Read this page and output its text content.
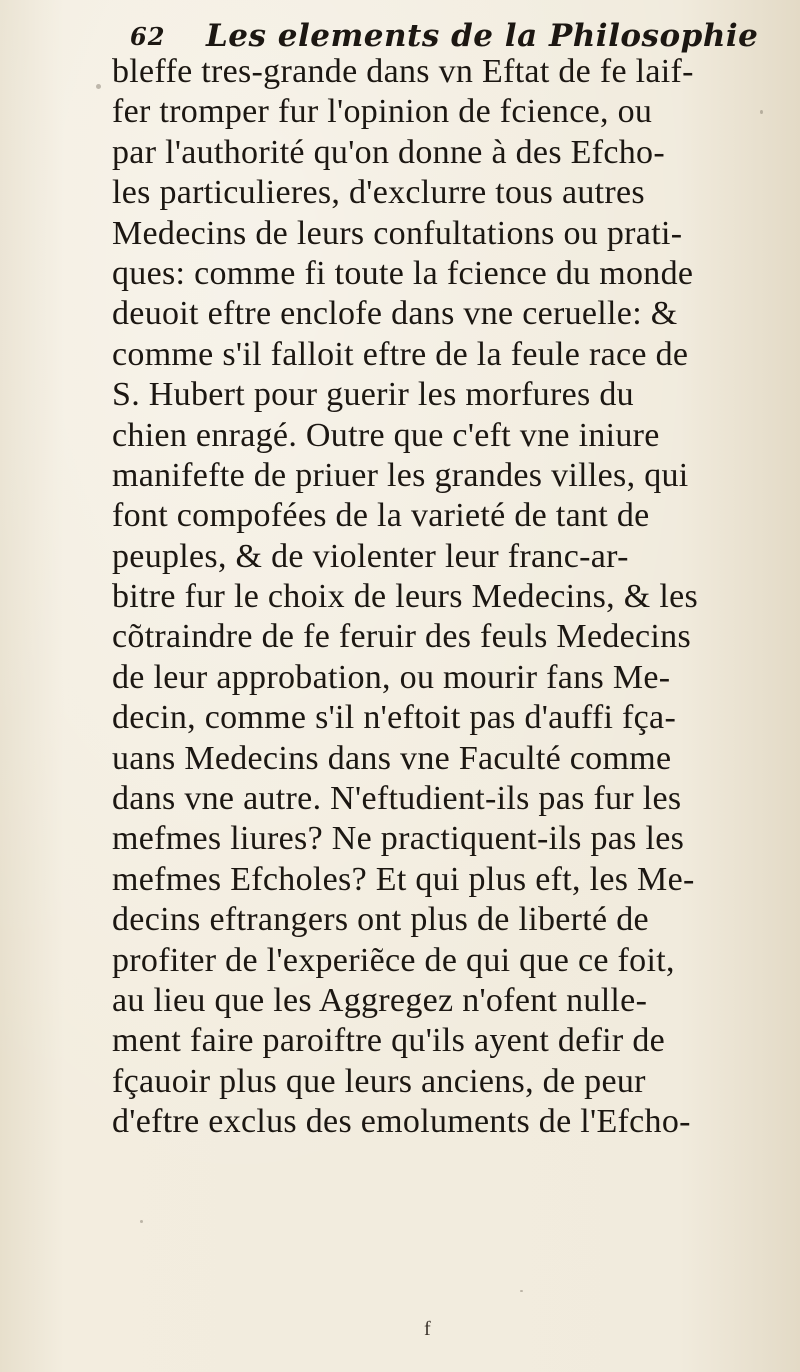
62 Les elements de la Philosophie
bleffe tres-grande dans vn Eftat de fe laif-
fer tromper fur l'opinion de fcience, ou
par l'authorité qu'on donne à des Efcho-
les particulieres, d'exclurre tous autres
Medecins de leurs confultations ou prati-
ques: comme fi toute la fcience du monde
deuoit eftre enclofe dans vne ceruelle: &
comme s'il falloit eftre de la feule race de
S. Hubert pour guerir les morfures du
chien enragé. Outre que c'eft vne iniure
manifefte de priuer les grandes villes, qui
font compofées de la varieté de tant de
peuples, & de violenter leur franc-ar-
bitre fur le choix de leurs Medecins, & les
cõtraindre de fe feruir des feuls Medecins
de leur approbation, ou mourir fans Me-
decin, comme s'il n'eftoit pas d'auffi fça-
uans Medecins dans vne Faculté comme
dans vne autre. N'eftudient-ils pas fur les
mefmes liures? Ne practiquent-ils pas les
mefmes Efcholes? Et qui plus eft, les Me-
decins eftrangers ont plus de liberté de
profiter de l'experiẽce de qui que ce foit,
au lieu que les Aggregez n'ofent nulle-
ment faire paroiftre qu'ils ayent defir de
fçauoir plus que leurs anciens, de peur
d'eftre exclus des emoluments de l'Efcho-
f
